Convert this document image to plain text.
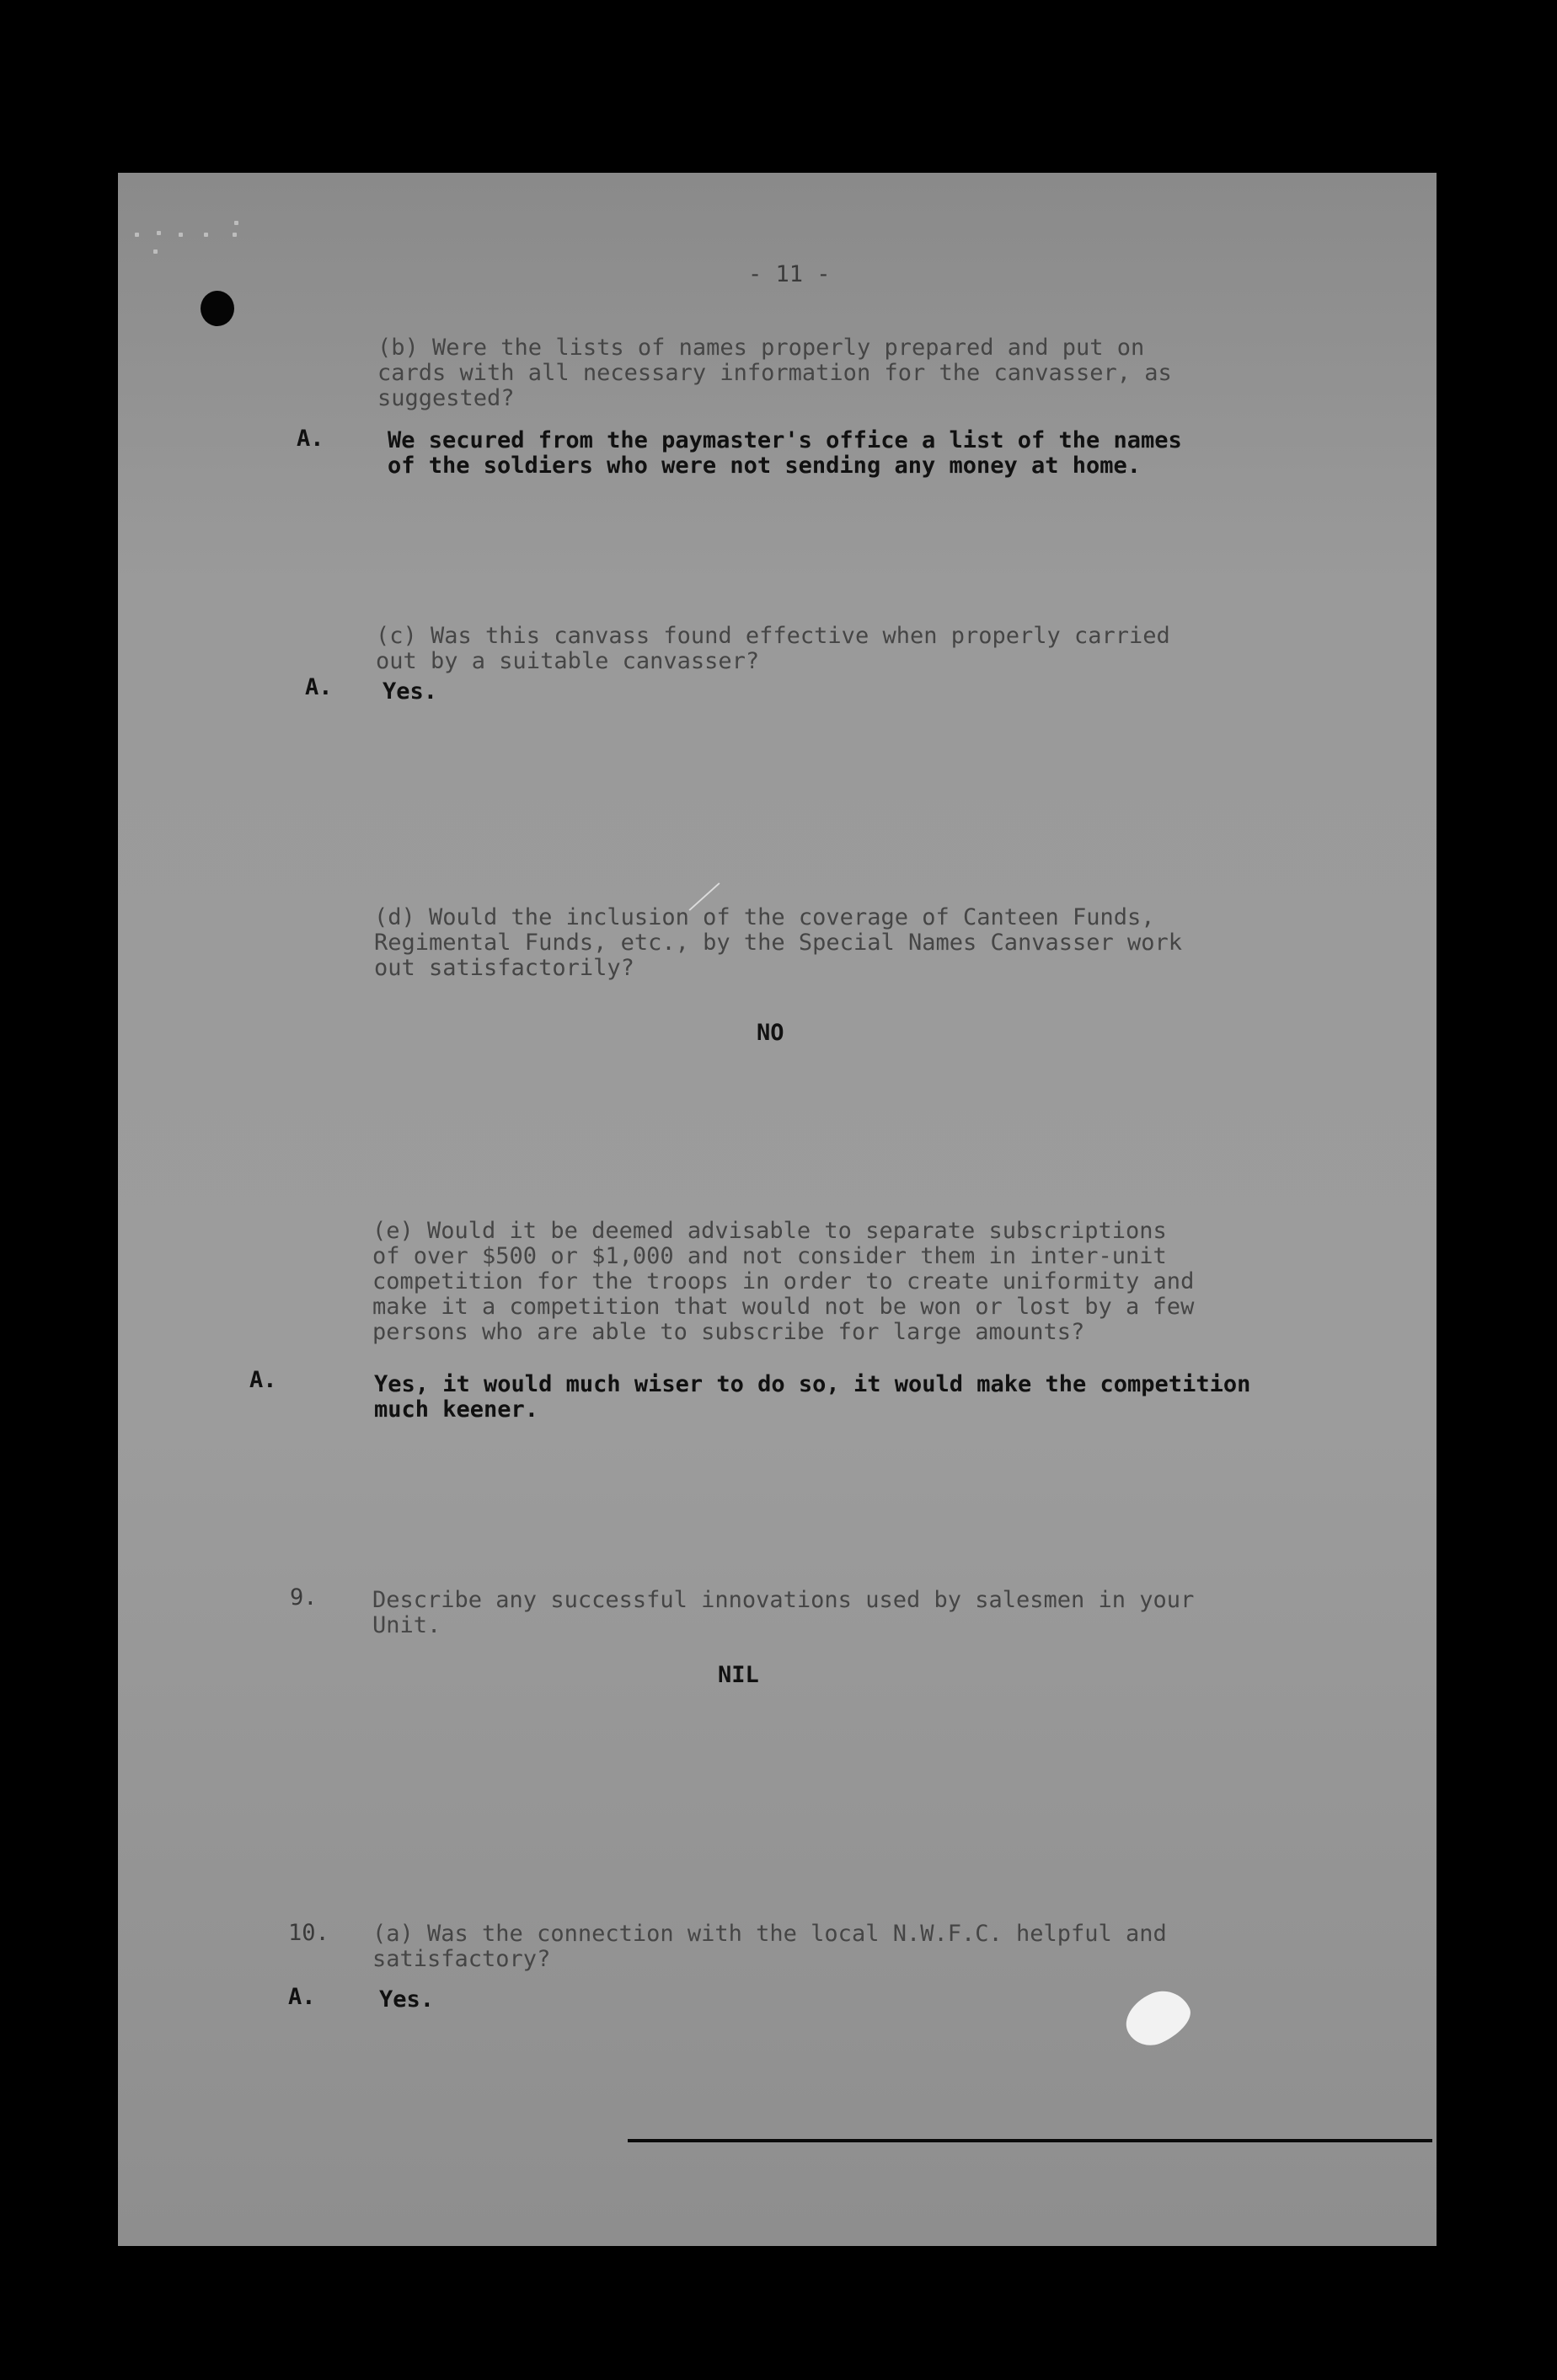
- 11 -
(b) Were the lists of names properly prepared and put on
cards with all necessary information for the canvasser, as
suggested?
A.	We secured from the paymaster's office a list of the names
of the soldiers who were not sending any money at home.
(c) Was this canvass found effective when properly carried
out by a suitable canvasser?
A. Yes.
(d) Would the inclusion of the coverage of Canteen Funds,
Regimental Funds, etc., by the Special Names Canvasser work
out satisfactorily?
NO
(e) Would it be deemed advisable to separate subscriptions
of over $500 or $1,000 and not consider them in inter-unit
competition for the troops in order to create uniformity and
make it a competition that would not be won or lost by a few
persons who are able to subscribe for large amounts?
A.	Yes, it would much wiser to do so, it would make the competition
much keener.
9. Describe any successful innovations used by salesmen in your
Unit.
NIL
10. (a) Was the connection with the local N.W.F.C. helpful and
satisfactory?
A.	Yes.
